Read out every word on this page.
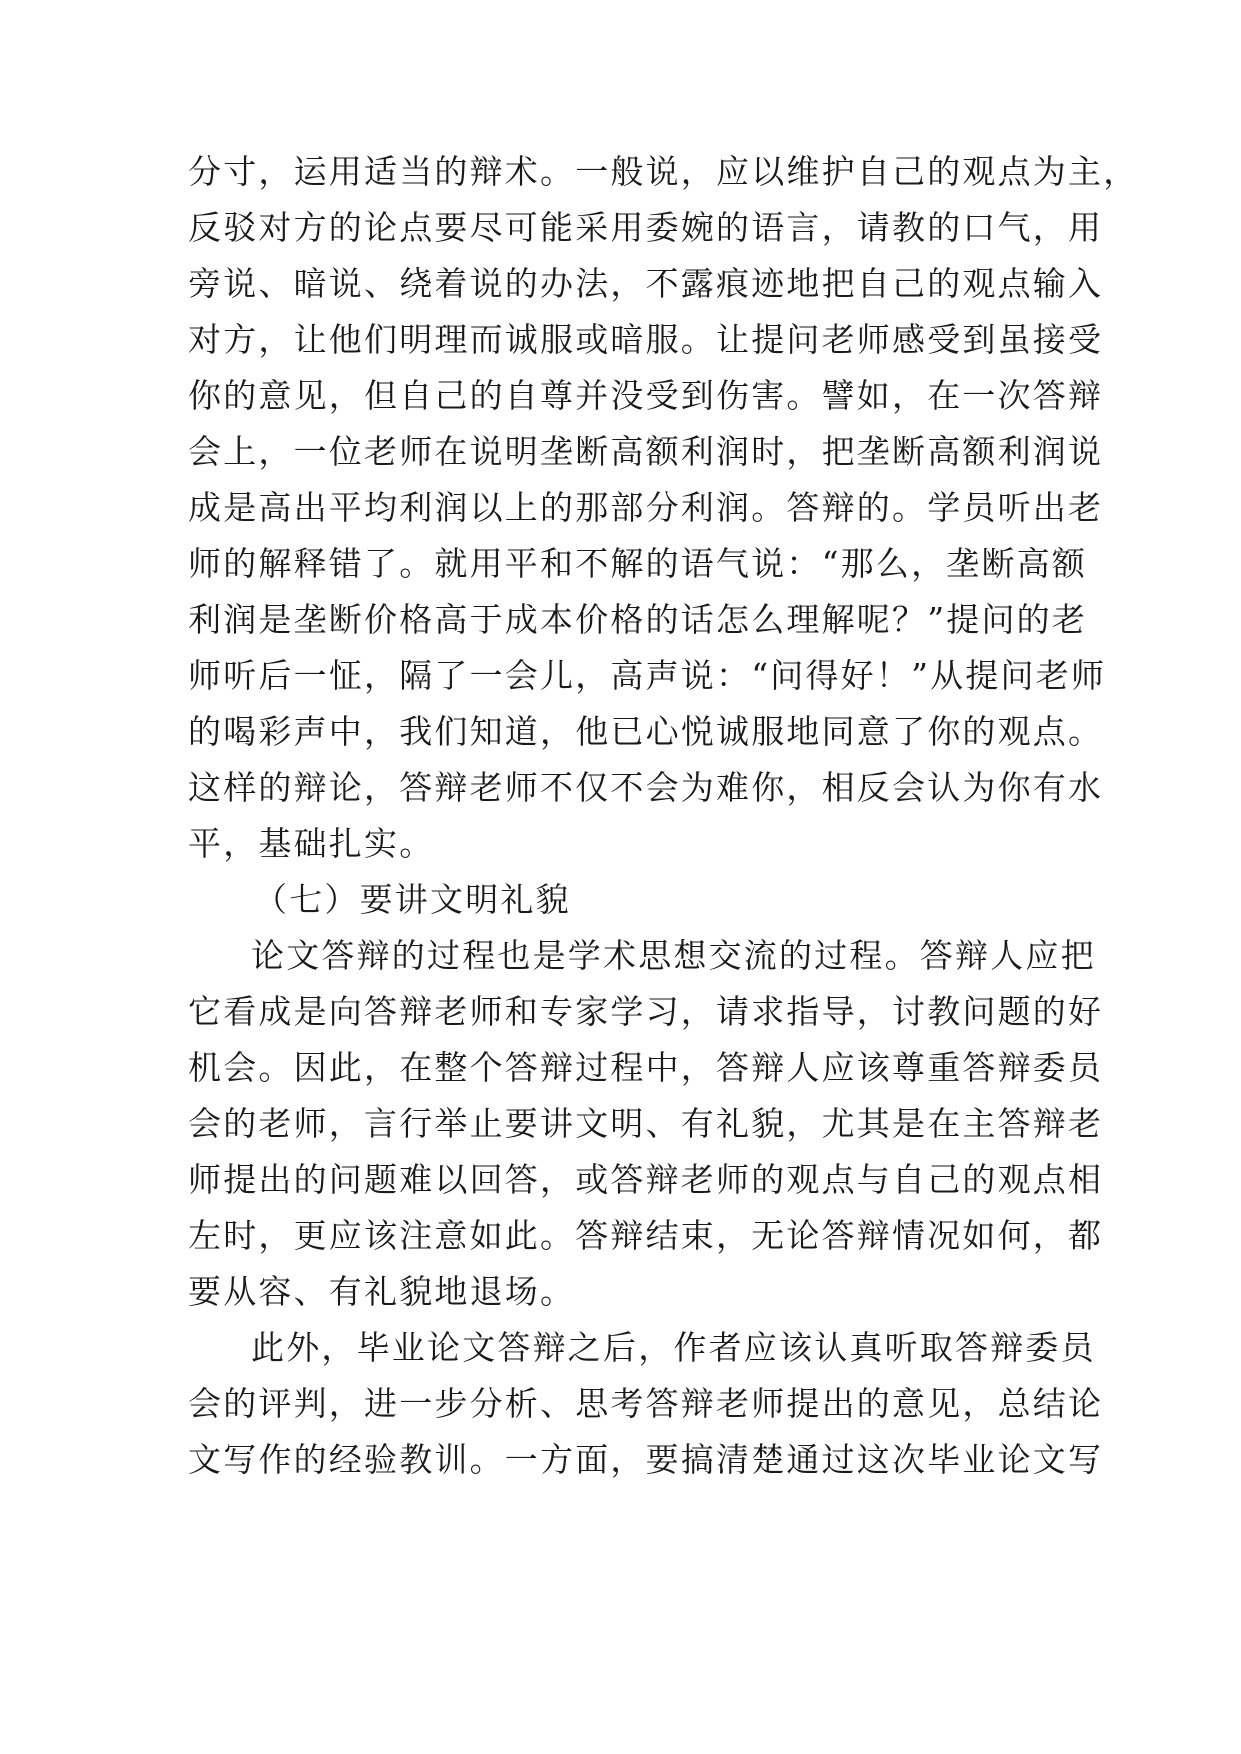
分寸，运用适当的辩术。一般说，应以维护自己的观点为主，
反驳对方的论点要尽可能采用委婉的语言，请教的口气，用
旁说、暗说、绕着说的办法，不露痕迹地把自己的观点输入
对方，让他们明理而诚服或暗服。让提问老师感受到虽接受
你的意见，但自己的自尊并没受到伤害。譬如，在一次答辩
会上，一位老师在说明垄断高额利润时，把垄断高额利润说
成是高出平均利润以上的那部分利润。答辩的。学员听出老
师的解释错了。就用平和不解的语气说：“那么，垄断高额
利润是垄断价格高于成本价格的话怎么理解呢？”提问的老
师听后一怔，隔了一会儿，高声说：“问得好！”从提问老师
的喝彩声中，我们知道，他已心悦诚服地同意了你的观点。
这样的辩论，答辩老师不仅不会为难你，相反会认为你有水
平，基础扎实。
（七）要讲文明礼貌
论文答辩的过程也是学术思想交流的过程。答辩人应把
它看成是向答辩老师和专家学习，请求指导，讨教问题的好
机会。因此，在整个答辩过程中，答辩人应该尊重答辩委员
会的老师，言行举止要讲文明、有礼貌，尤其是在主答辩老
师提出的问题难以回答，或答辩老师的观点与自己的观点相
左时，更应该注意如此。答辩结束，无论答辩情况如何，都
要从容、有礼貌地退场。
此外，毕业论文答辩之后，作者应该认真听取答辩委员
会的评判，进一步分析、思考答辩老师提出的意见，总结论
文写作的经验教训。一方面，要搞清楚通过这次毕业论文写
